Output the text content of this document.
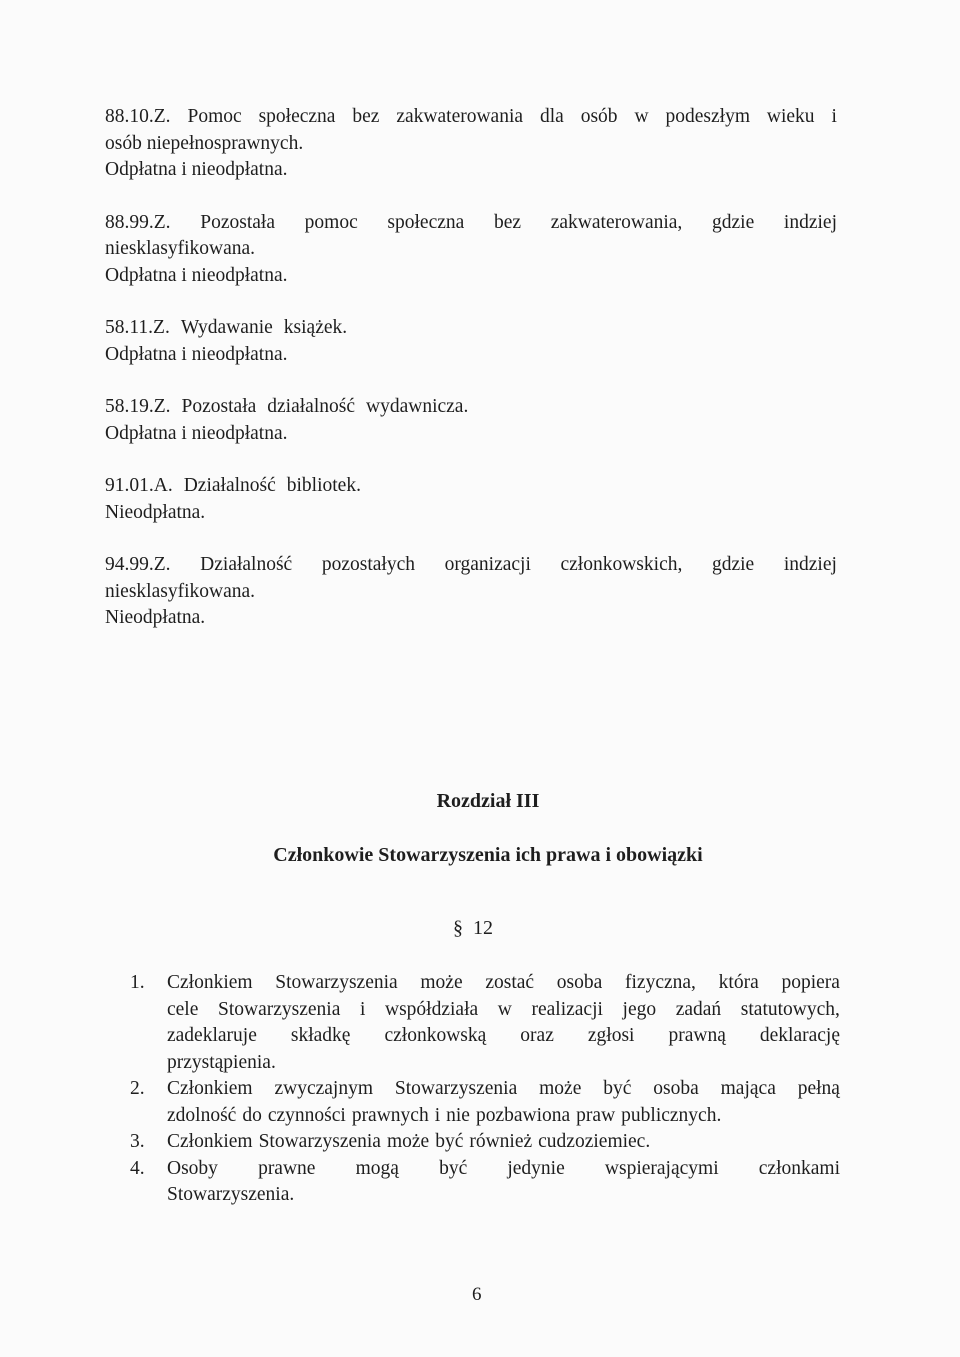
88.10.Z. Pomoc społeczna bez zakwaterowania dla osób w podeszłym wieku i
osób niepełnosprawnych.
Odpłatna i nieodpłatna.
88.99.Z. Pozostała pomoc społeczna bez zakwaterowania, gdzie indziej
niesklasyfikowana.
Odpłatna i nieodpłatna.
58.11.Z. Wydawanie książek.
Odpłatna i nieodpłatna.
58.19.Z. Pozostała działalność wydawnicza.
Odpłatna i nieodpłatna.
91.01.A. Działalność bibliotek.
Nieodpłatna.
94.99.Z. Działalność pozostałych organizacji członkowskich, gdzie indziej
niesklasyfikowana.
Nieodpłatna.
Rozdział III
Członkowie Stowarzyszenia ich prawa i obowiązki
§  12
1. Członkiem Stowarzyszenia może zostać osoba fizyczna, która popiera
cele Stowarzyszenia i współdziała w realizacji jego zadań statutowych,
zadeklaruje składkę członkowską oraz zgłosi prawną deklarację
przystąpienia.
2. Członkiem zwyczajnym Stowarzyszenia może być osoba mająca pełną
zdolność do czynności prawnych i nie pozbawiona praw publicznych.
3. Członkiem Stowarzyszenia może być również cudzoziemiec.
4. Osoby prawne mogą być jedynie wspierającymi członkami
Stowarzyszenia.
6
